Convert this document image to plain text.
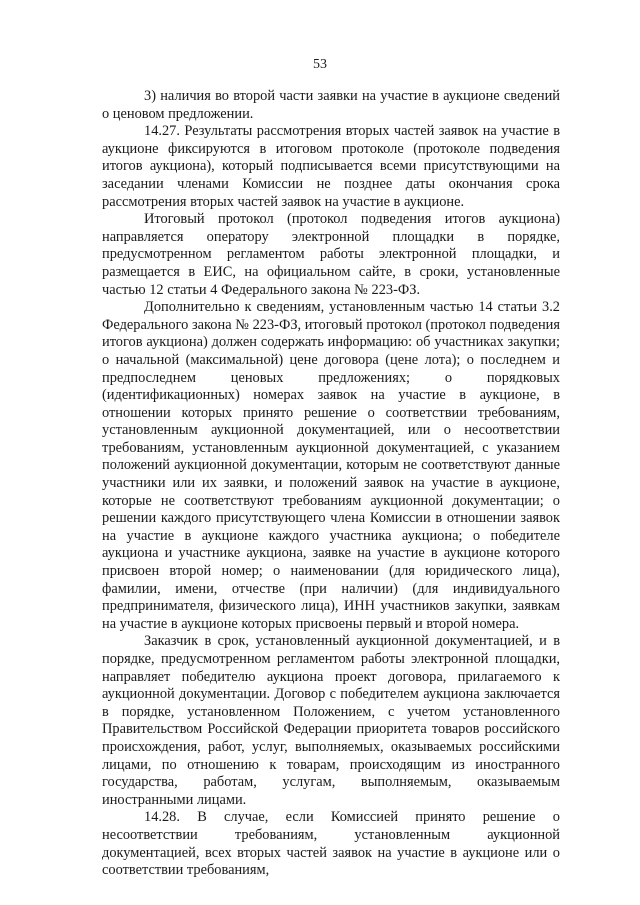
53

3) наличия во второй части заявки на участие в аукционе сведений о ценовом предложении.

14.27. Результаты рассмотрения вторых частей заявок на участие в аукционе фиксируются в итоговом протоколе (протоколе подведения итогов аукциона), который подписывается всеми присутствующими на заседании членами Комиссии не позднее даты окончания срока рассмотрения вторых частей заявок на участие в аукционе.

Итоговый протокол (протокол подведения итогов аукциона) направляется оператору электронной площадки в порядке, предусмотренном регламентом работы электронной площадки, и размещается в ЕИС, на официальном сайте, в сроки, установленные частью 12 статьи 4 Федерального закона № 223-ФЗ.

Дополнительно к сведениям, установленным частью 14 статьи 3.2 Федерального закона № 223-ФЗ, итоговый протокол (протокол подведения итогов аукциона) должен содержать информацию: об участниках закупки; о начальной (максимальной) цене договора (цене лота); о последнем и предпоследнем ценовых предложениях; о порядковых (идентификационных) номерах заявок на участие в аукционе, в отношении которых принято решение о соответствии требованиям, установленным аукционной документацией, или о несоответствии требованиям, установленным аукционной документацией, с указанием положений аукционной документации, которым не соответствуют данные участники или их заявки, и положений заявок на участие в аукционе, которые не соответствуют требованиям аукционной документации; о решении каждого присутствующего члена Комиссии в отношении заявок на участие в аукционе каждого участника аукциона; о победителе аукциона и участнике аукциона, заявке на участие в аукционе которого присвоен второй номер; о наименовании (для юридического лица), фамилии, имени, отчестве (при наличии) (для индивидуального предпринимателя, физического лица), ИНН участников закупки, заявкам на участие в аукционе которых присвоены первый и второй номера.

Заказчик в срок, установленный аукционной документацией, и в порядке, предусмотренном регламентом работы электронной площадки, направляет победителю аукциона проект договора, прилагаемого к аукционной документации. Договор с победителем аукциона заключается в порядке, установленном Положением, с учетом установленного Правительством Российской Федерации приоритета товаров российского происхождения, работ, услуг, выполняемых, оказываемых российскими лицами, по отношению к товарам, происходящим из иностранного государства, работам, услугам, выполняемым, оказываемым иностранными лицами.

14.28. В случае, если Комиссией принято решение о несоответствии требованиям, установленным аукционной документацией, всех вторых частей заявок на участие в аукционе или о соответствии требованиям,
